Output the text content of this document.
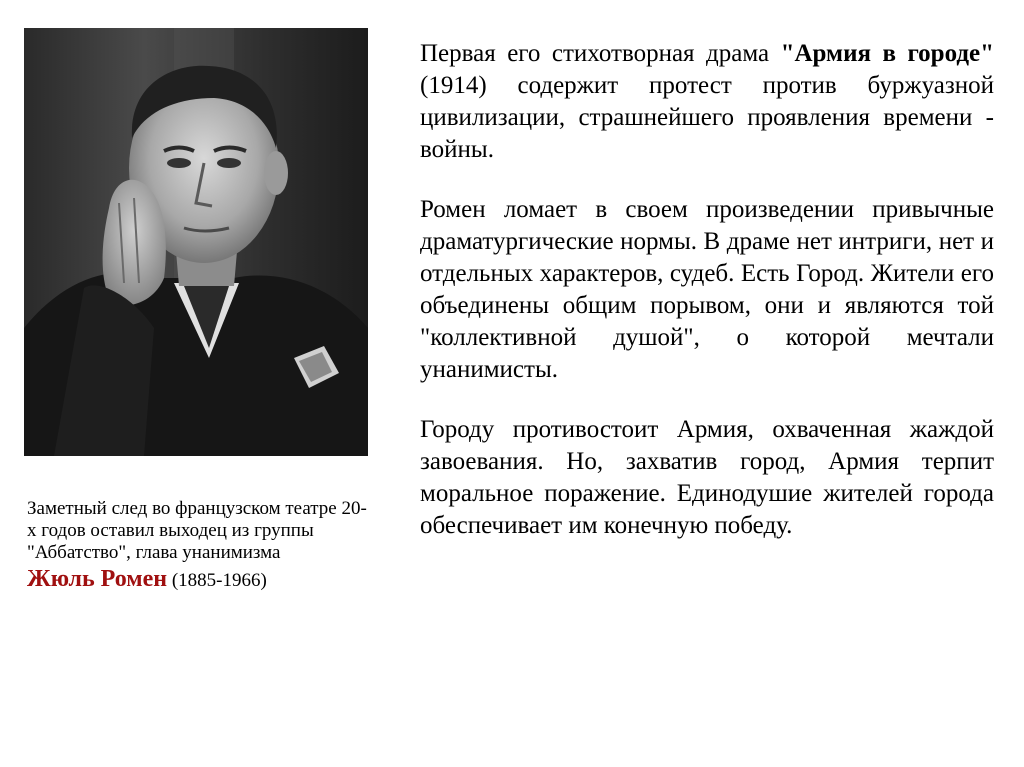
Заметный след во французском театре 20-х годов оставил выходец из группы "Аббатство", глава унанимизма
Жюль Ромен (1885-1966)

Первая его стихотворная драма "Армия в городе" (1914) содержит протест против буржуазной цивилизации, страшнейшего проявления времени - войны.

Ромен ломает в своем произведении привычные драматургические нормы. В драме нет интриги, нет и отдельных характеров, судеб. Есть Город. Жители его объединены общим порывом, они и являются той "коллективной душой", о которой мечтали унанимисты.

Городу противостоит Армия, охваченная жаждой завоевания. Но, захватив город, Армия терпит моральное поражение. Единодушие жителей города обеспечивает им конечную победу.
